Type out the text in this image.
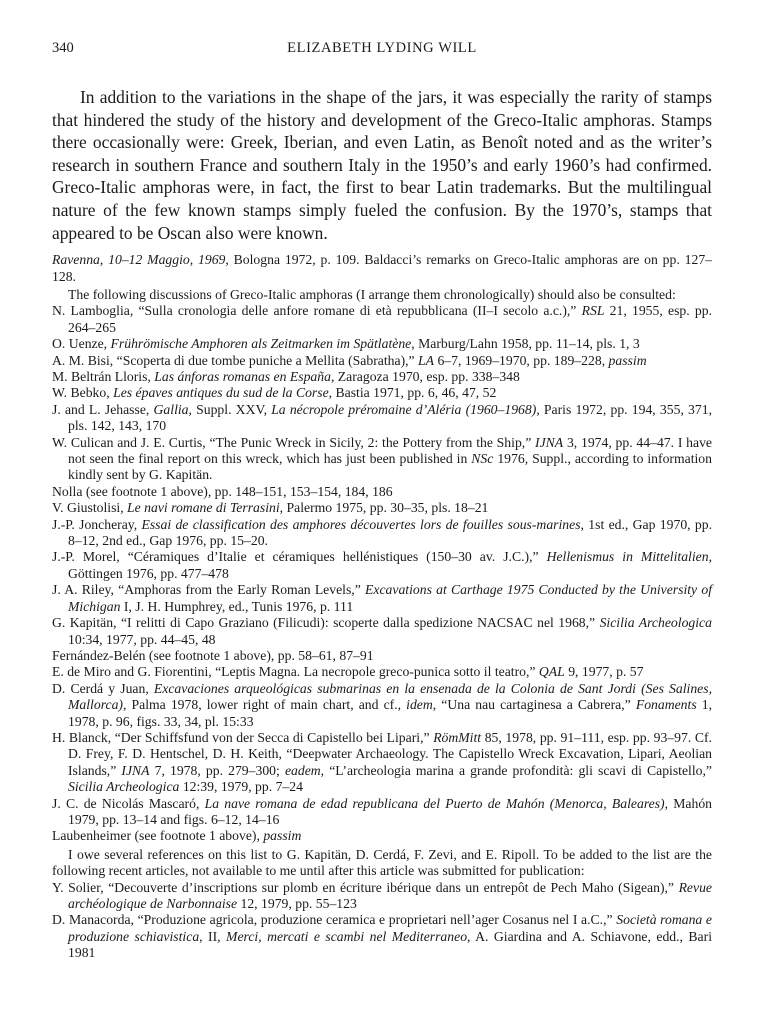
340	ELIZABETH LYDING WILL

In addition to the variations in the shape of the jars, it was especially the rarity of stamps that hindered the study of the history and development of the Greco-Italic amphoras. Stamps there occasionally were: Greek, Iberian, and even Latin, as Benoît noted and as the writer’s research in southern France and southern Italy in the 1950’s and early 1960’s had confirmed. Greco-Italic amphoras were, in fact, the first to bear Latin trademarks. But the multilingual nature of the few known stamps simply fueled the confusion. By the 1970’s, stamps that appeared to be Oscan also were known.

Ravenna, 10–12 Maggio, 1969, Bologna 1972, p. 109. Baldacci’s remarks on Greco-Italic amphoras are on pp. 127–128.

The following discussions of Greco-Italic amphoras (I arrange them chronologically) should also be consulted:

N. Lamboglia, “Sulla cronologia delle anfore romane di età repubblicana (II–I secolo a.c.),” RSL 21, 1955, esp. pp. 264–265

O. Uenze, Frührömische Amphoren als Zeitmarken im Spätlatène, Marburg/Lahn 1958, pp. 11–14, pls. 1, 3

A. M. Bisi, “Scoperta di due tombe puniche a Mellita (Sabratha),” LA 6–7, 1969–1970, pp. 189–228, passim

M. Beltrán Lloris, Las ánforas romanas en España, Zaragoza 1970, esp. pp. 338–348

W. Bebko, Les épaves antiques du sud de la Corse, Bastia 1971, pp. 6, 46, 47, 52

J. and L. Jehasse, Gallia, Suppl. XXV, La nécropole préromaine d’Aléria (1960–1968), Paris 1972, pp. 194, 355, 371, pls. 142, 143, 170

W. Culican and J. E. Curtis, “The Punic Wreck in Sicily, 2: the Pottery from the Ship,” IJNA 3, 1974, pp. 44–47. I have not seen the final report on this wreck, which has just been published in NSc 1976, Suppl., according to information kindly sent by G. Kapitän.

Nolla (see footnote 1 above), pp. 148–151, 153–154, 184, 186

V. Giustolisi, Le navi romane di Terrasini, Palermo 1975, pp. 30–35, pls. 18–21

J.-P. Joncheray, Essai de classification des amphores découvertes lors de fouilles sous-marines, 1st ed., Gap 1970, pp. 8–12, 2nd ed., Gap 1976, pp. 15–20.

J.-P. Morel, “Céramiques d’Italie et céramiques hellénistiques (150–30 av. J.C.),” Hellenismus in Mittelitalien, Göttingen 1976, pp. 477–478

J. A. Riley, “Amphoras from the Early Roman Levels,” Excavations at Carthage 1975 Conducted by the University of Michigan I, J. H. Humphrey, ed., Tunis 1976, p. 111

G. Kapitän, “I relitti di Capo Graziano (Filicudi): scoperte dalla spedizione NACSAC nel 1968,” Sicilia Archeologica 10:34, 1977, pp. 44–45, 48

Fernández-Belén (see footnote 1 above), pp. 58–61, 87–91

E. de Miro and G. Fiorentini, “Leptis Magna. La necropole greco-punica sotto il teatro,” QAL 9, 1977, p. 57

D. Cerdá y Juan, Excavaciones arqueológicas submarinas en la ensenada de la Colonia de Sant Jordi (Ses Salines, Mallorca), Palma 1978, lower right of main chart, and cf., idem, “Una nau cartaginesa a Cabrera,” Fonaments 1, 1978, p. 96, figs. 33, 34, pl. 15:33

H. Blanck, “Der Schiffsfund von der Secca di Capistello bei Lipari,” RömMitt 85, 1978, pp. 91–111, esp. pp. 93–97. Cf. D. Frey, F. D. Hentschel, D. H. Keith, “Deepwater Archaeology. The Capistello Wreck Excavation, Lipari, Aeolian Islands,” IJNA 7, 1978, pp. 279–300; eadem, “L’archeologia marina a grande profondità: gli scavi di Capistello,” Sicilia Archeologica 12:39, 1979, pp. 7–24

J. C. de Nicolás Mascaró, La nave romana de edad republicana del Puerto de Mahón (Menorca, Baleares), Mahón 1979, pp. 13–14 and figs. 6–12, 14–16

Laubenheimer (see footnote 1 above), passim

I owe several references on this list to G. Kapitän, D. Cerdá, F. Zevi, and E. Ripoll. To be added to the list are the following recent articles, not available to me until after this article was submitted for publication:

Y. Solier, “Decouverte d’inscriptions sur plomb en écriture ibérique dans un entrepôt de Pech Maho (Sigean),” Revue archéologique de Narbonnaise 12, 1979, pp. 55–123

D. Manacorda, “Produzione agricola, produzione ceramica e proprietari nell’ager Cosanus nel I a.C.,” Società romana e produzione schiavistica, II, Merci, mercati e scambi nel Mediterraneo, A. Giardina and A. Schiavone, edd., Bari 1981
